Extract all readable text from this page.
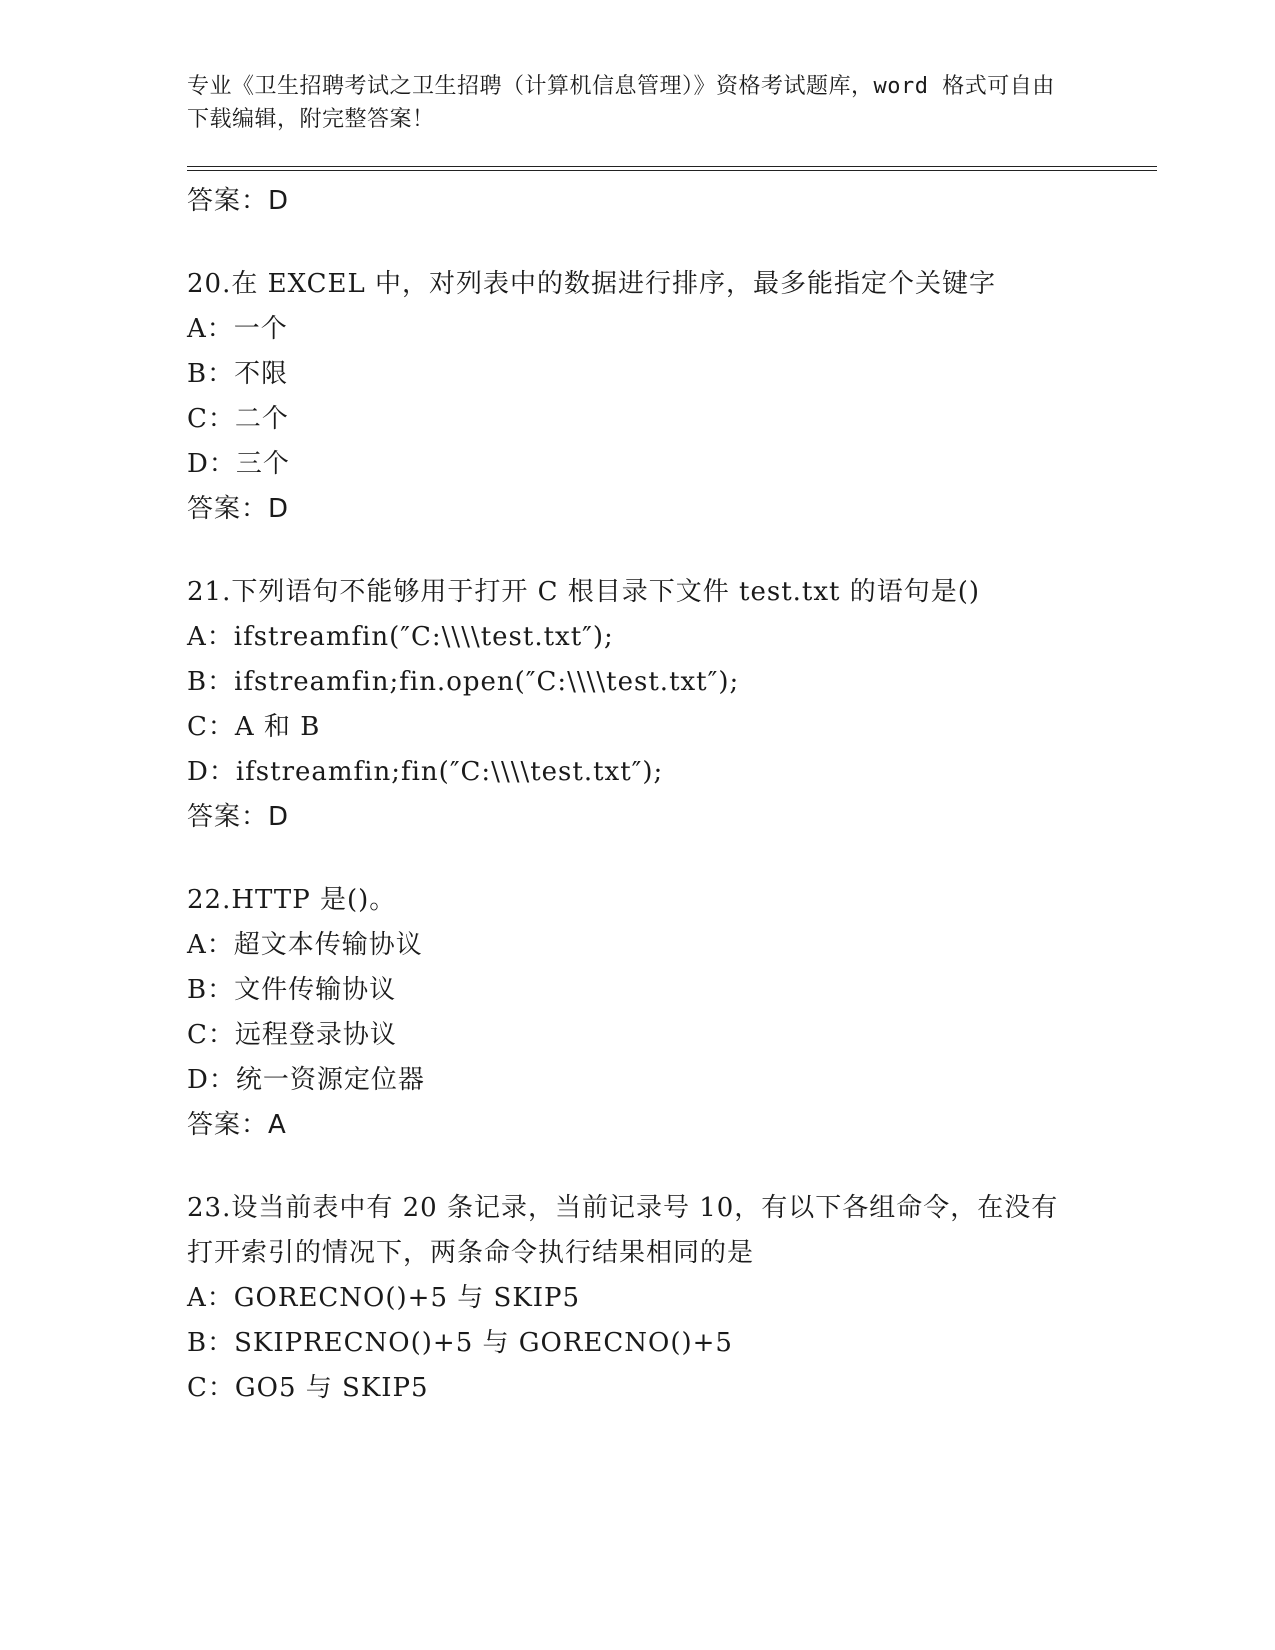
专业《卫生招聘考试之卫生招聘（计算机信息管理）》资格考试题库，word 格式可自由下载编辑，附完整答案！
答案：D
20.在 EXCEL 中，对列表中的数据进行排序，最多能指定个关键字
A：一个
B：不限
C：二个
D：三个
答案：D
21.下列语句不能够用于打开 C 根目录下文件 test.txt 的语句是()
A：ifstreamfin(″C:\\\\test.txt″);
B：ifstreamfin;fin.open(″C:\\\\test.txt″);
C：A 和 B
D：ifstreamfin;fin(″C:\\\\test.txt″);
答案：D
22.HTTP 是()。
A：超文本传输协议
B：文件传输协议
C：远程登录协议
D：统一资源定位器
答案：A
23.设当前表中有 20 条记录，当前记录号 10，有以下各组命令，在没有打开索引的情况下，两条命令执行结果相同的是
A：GORECNO()+5 与 SKIP5
B：SKIPRECNO()+5 与 GORECNO()+5
C：GO5 与 SKIP5
